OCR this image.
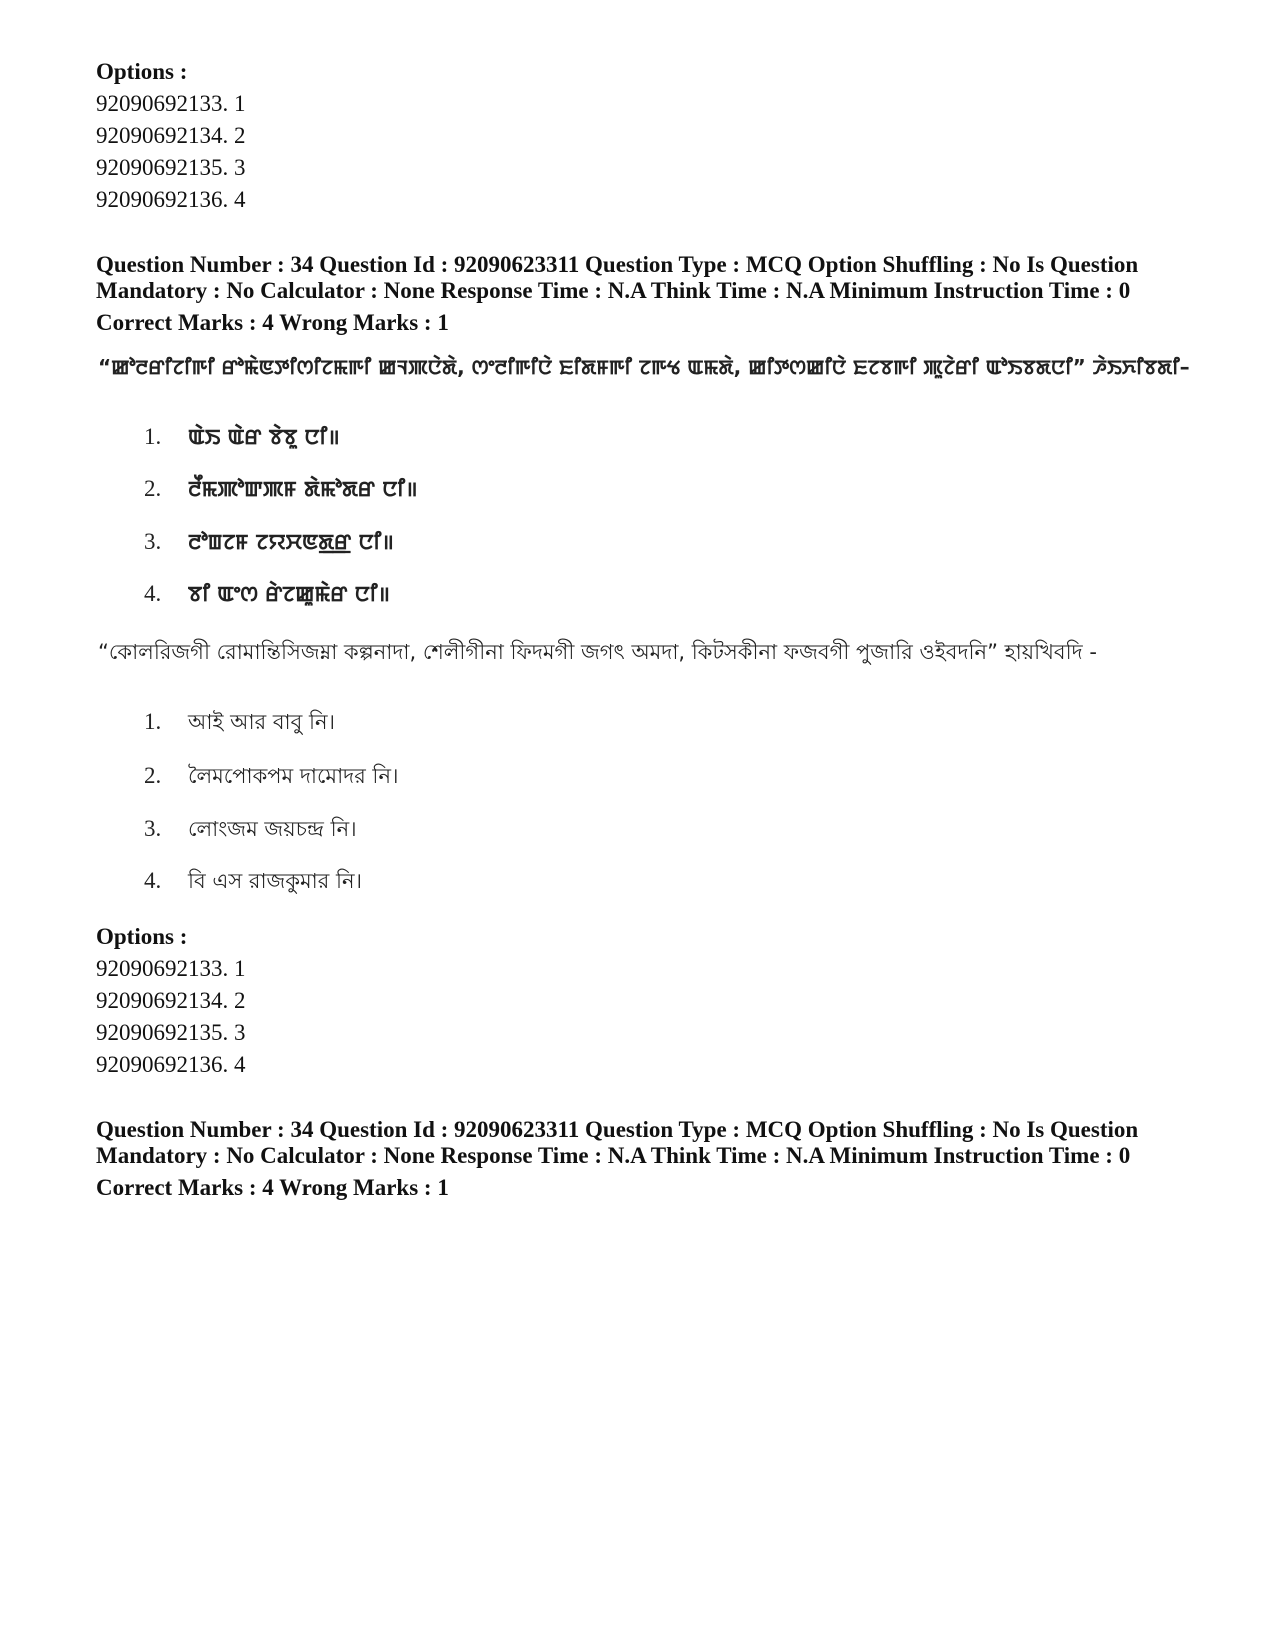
Options :

92090692133. 1

92090692134. 2

92090692135. 3

92090692136. 4

Question Number : 34 Question Id : 92090623311 Question Type : MCQ Option Shuffling : No Is Question

Mandatory : No Calculator : None Response Time : N.A Think Time : N.A Minimum Instruction Time : 0

Correct Marks : 4 Wrong Marks : 1

“ꯀꯣꯂꯔꯤꯖꯤꯒꯤ ꯔꯣꯃꯥꯟꯇꯤꯁꯤꯖꯃꯒꯤ ꯀꯜꯄꯅꯥꯗꯥ, ꯁꯦꯂꯤꯒꯤꯅꯥ ꯐꯤꯗꯝꯒꯤ ꯖꯒꯠ ꯑꯃꯗꯥ, ꯀꯤꯇꯁꯀꯤꯅꯥ ꯐꯖꯕꯒꯤ ꯄꯨꯖꯥꯔꯤ ꯑꯣꯏꯕꯗꯅꯤ” ꯍꯥꯏꯈꯤꯕꯗꯤ–
1.	ꯑꯥꯏ ꯑꯥꯔ ꯕꯥꯕꯨ ꯅꯤ॥
2.	ꯂꯩꯃꯄꯣꯛꯄꯝ ꯗꯥꯃꯣꯗꯔ ꯅꯤ॥
3.	ꯂꯣꯡꯖꯝ ꯖꯌꯆꯟꯗ꯭ꯔ ꯅꯤ॥
4.	ꯕꯤ ꯑꯦꯁ ꯔꯥꯖꯀꯨꯃꯥꯔ ꯅꯤ॥
“কোলরিজগী রোমান্তিসিজম্না কল্পনাদা, শেলীগীনা ফিদমগী জগৎ অমদা, কিটসকীনা ফজবগী পুজারি ওইবদনি” হায়খিবদি -
1.	আই আর বাবু নি।
2.	লৈমপোকপম দামোদর নি।
3.	লোংজম জয়চন্দ্র নি।
4.	বি এস রাজকুমার নি।

Options :

92090692133. 1

92090692134. 2

92090692135. 3

92090692136. 4

Question Number : 34 Question Id : 92090623311 Question Type : MCQ Option Shuffling : No Is Question

Mandatory : No Calculator : None Response Time : N.A Think Time : N.A Minimum Instruction Time : 0

Correct Marks : 4 Wrong Marks : 1
